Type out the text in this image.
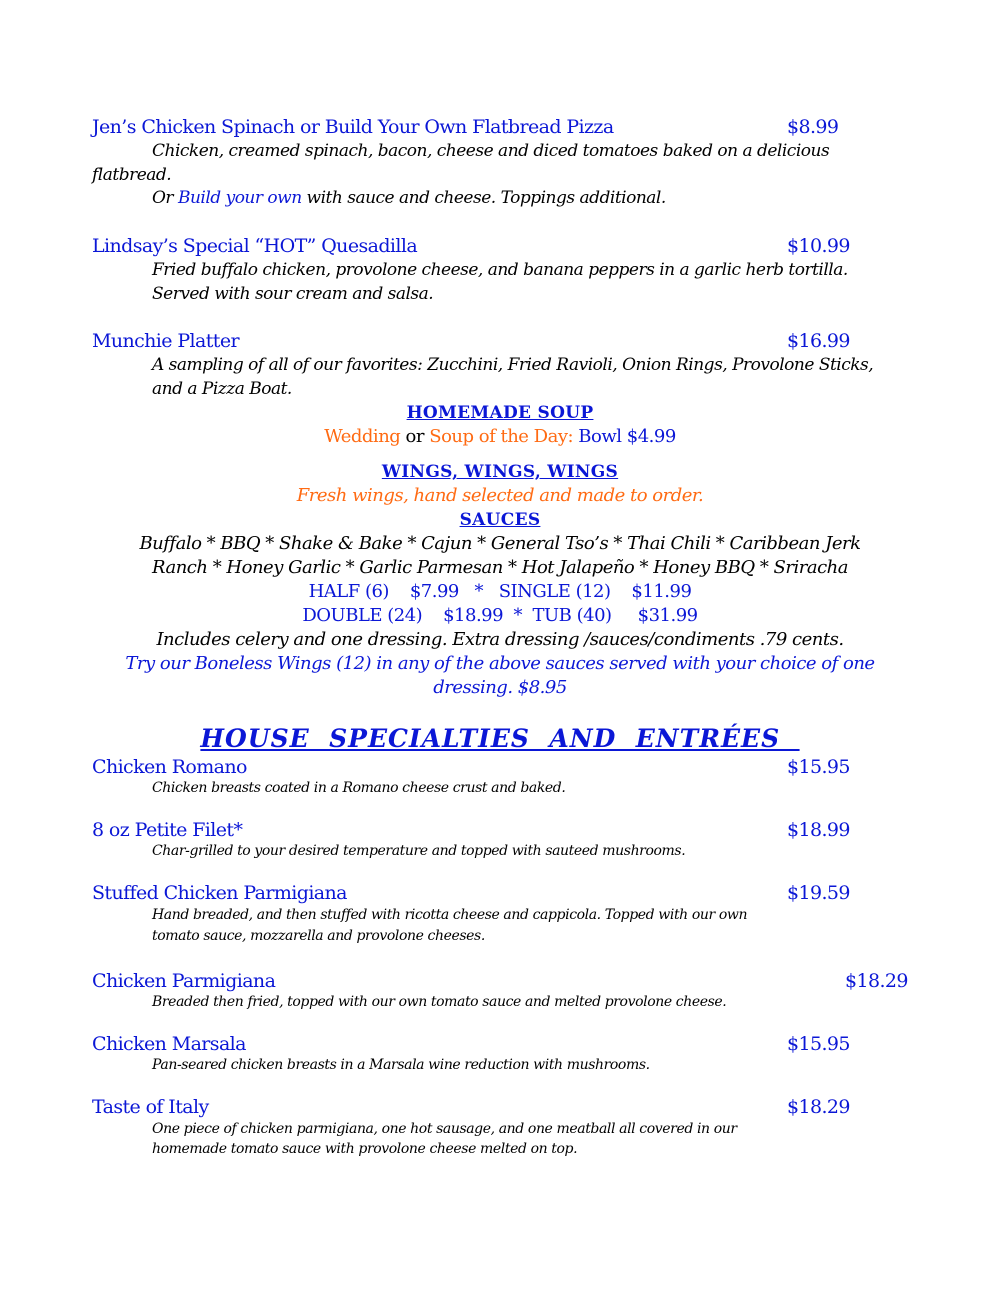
Jen’s Chicken Spinach or Build Your Own Flatbread Pizza	$8.99
Chicken, creamed spinach, bacon, cheese and diced tomatoes baked on a delicious
flatbread.
Or Build your own with sauce and cheese. Toppings additional.
Lindsay’s Special “HOT” Quesadilla	$10.99
Fried buffalo chicken, provolone cheese, and banana peppers in a garlic herb tortilla.
Served with sour cream and salsa.
Munchie Platter	$16.99
A sampling of all of our favorites: Zucchini, Fried Ravioli, Onion Rings, Provolone Sticks,
and a Pizza Boat.
HOMEMADE SOUP
Wedding or Soup of the Day: Bowl $4.99
WINGS, WINGS, WINGS
Fresh wings, hand selected and made to order.
SAUCES
Buffalo * BBQ * Shake & Bake * Cajun * General Tso’s * Thai Chili * Caribbean Jerk
Ranch * Honey Garlic * Garlic Parmesan * Hot Jalapeño * Honey BBQ * Sriracha
HALF (6)    $7.99   *   SINGLE (12)    $11.99
DOUBLE (24)    $18.99  *  TUB (40)     $31.99
Includes celery and one dressing. Extra dressing /sauces/condiments .79 cents.
Try our Boneless Wings (12) in any of the above sauces served with your choice of one
dressing. $8.95
HOUSE  SPECIALTIES  AND  ENTRÉES
Chicken Romano	$15.95
Chicken breasts coated in a Romano cheese crust and baked.
8 oz Petite Filet*	$18.99
Char-grilled to your desired temperature and topped with sauteed mushrooms.
Stuffed Chicken Parmigiana	$19.59
Hand breaded, and then stuffed with ricotta cheese and cappicola. Topped with our own
tomato sauce, mozzarella and provolone cheeses.
Chicken Parmigiana	$18.29
Breaded then fried, topped with our own tomato sauce and melted provolone cheese.
Chicken Marsala	$15.95
Pan-seared chicken breasts in a Marsala wine reduction with mushrooms.
Taste of Italy	$18.29
One piece of chicken parmigiana, one hot sausage, and one meatball all covered in our
homemade tomato sauce with provolone cheese melted on top.
